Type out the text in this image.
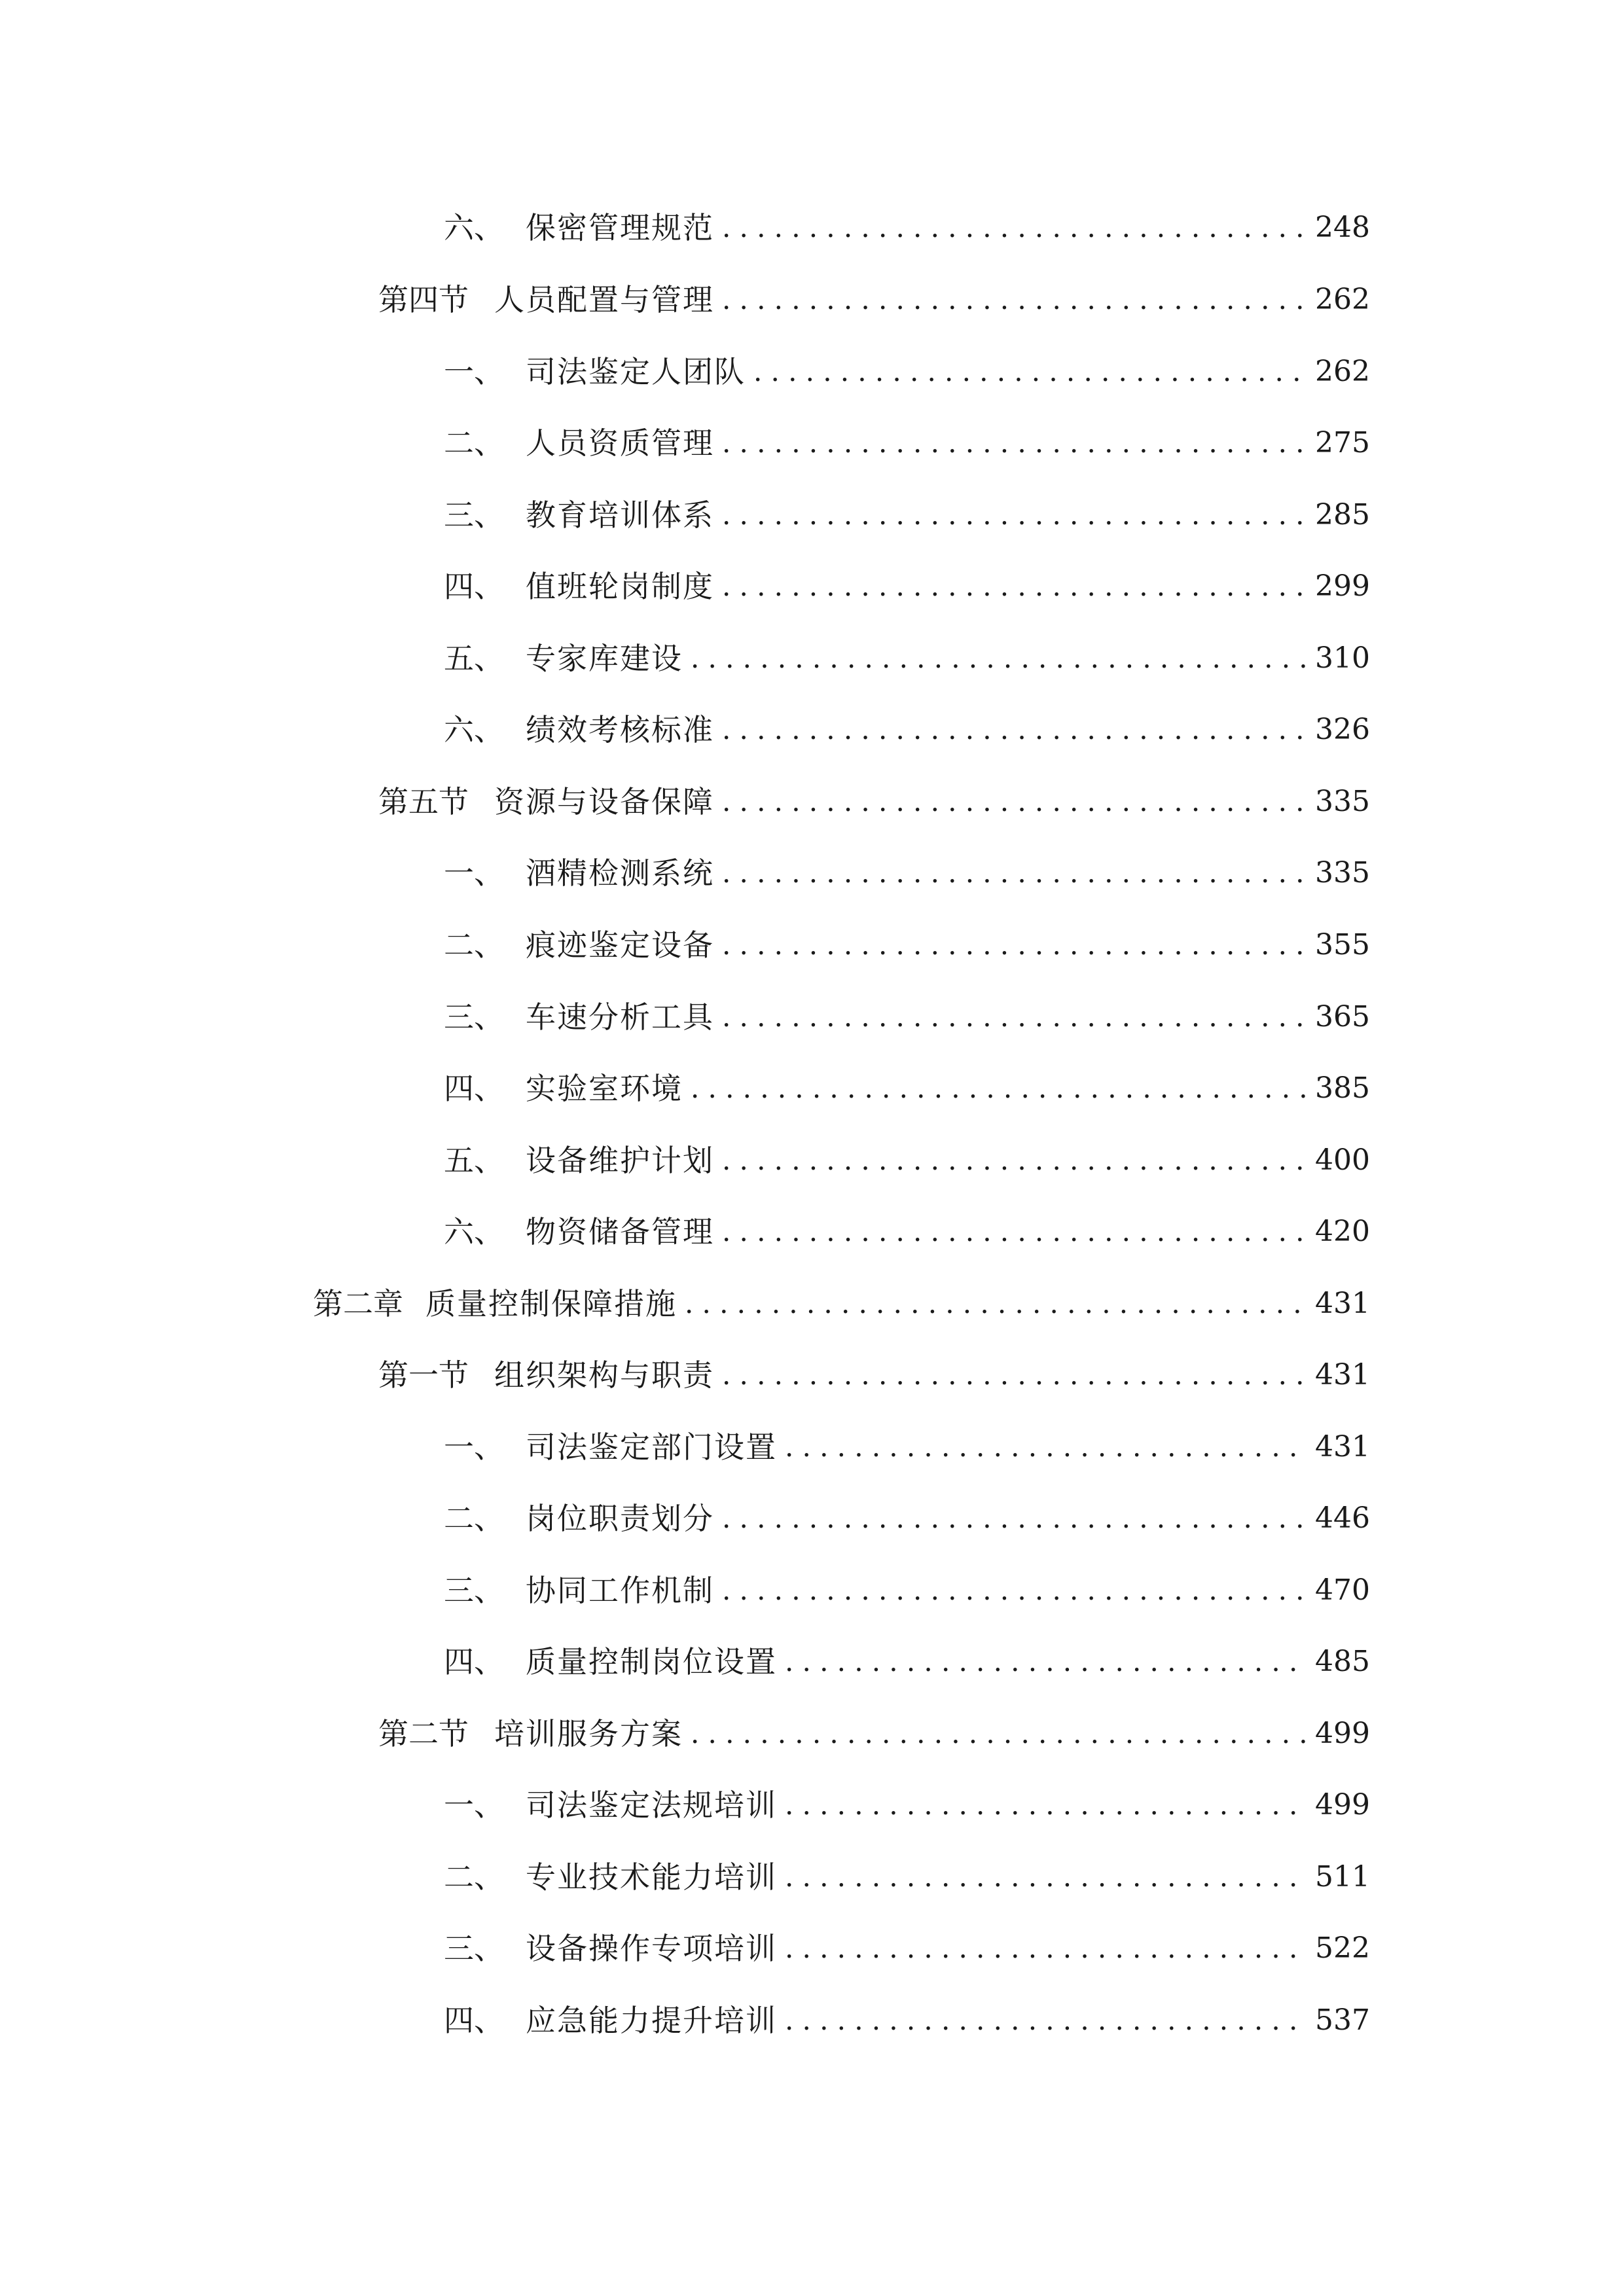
六、 保密管理规范 .....	248
第四节 人员配置与管理 .....	262
一、 司法鉴定人团队 .....	262
二、 人员资质管理 .....	275
三、 教育培训体系 .....	285
四、 值班轮岗制度 .....	299
五、 专家库建设 .....	310
六、 绩效考核标准 .....	326
第五节 资源与设备保障 .....	335
一、 酒精检测系统 .....	335
二、 痕迹鉴定设备 .....	355
三、 车速分析工具 .....	365
四、 实验室环境 .....	385
五、 设备维护计划 .....	400
六、 物资储备管理 .....	420
第二章 质量控制保障措施 .....	431
第一节 组织架构与职责 .....	431
一、 司法鉴定部门设置 .....	431
二、 岗位职责划分 .....	446
三、 协同工作机制 .....	470
四、 质量控制岗位设置 .....	485
第二节 培训服务方案 .....	499
一、 司法鉴定法规培训 .....	499
二、 专业技术能力培训 .....	511
三、 设备操作专项培训 .....	522
四、 应急能力提升培训 .....	537
